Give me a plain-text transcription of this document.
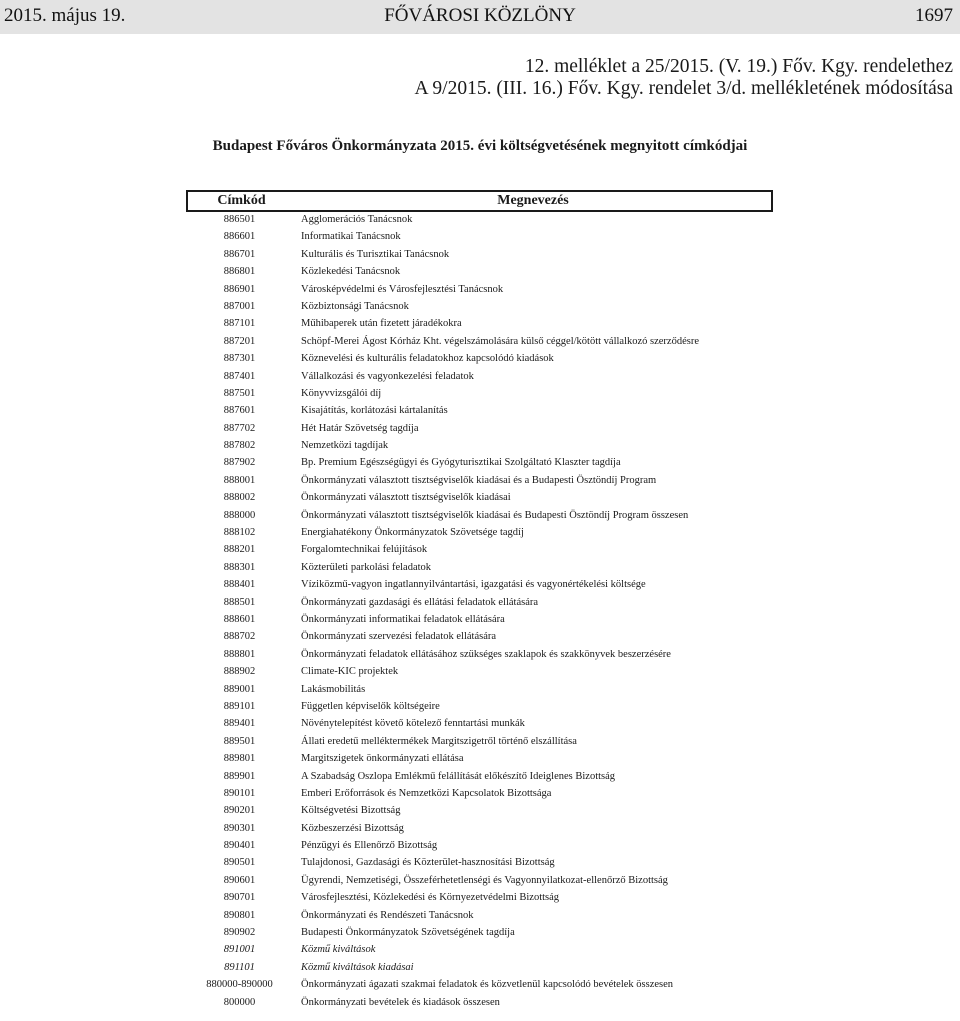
2015. május 19.	FŐVÁROSI KÖZLÖNY	1697
12. melléklet a 25/2015. (V. 19.) Főv. Kgy. rendelethez
A 9/2015. (III. 16.) Főv. Kgy. rendelet 3/d. mellékletének módosítása
Budapest Főváros Önkormányzata 2015. évi költségvetésének megnyitott címkódjai
Címkód	Megnevezés
886501	Agglomerációs Tanácsnok
886601	Informatikai Tanácsnok
886701	Kulturális és Turisztikai Tanácsnok
886801	Közlekedési Tanácsnok
886901	Városképvédelmi és Városfejlesztési Tanácsnok
887001	Közbiztonsági Tanácsnok
887101	Műhibaperek után fizetett járadékokra
887201	Schöpf-Merei Ágost Kórház Kht. végelszámolására külső céggel/kötött vállalkozó szerződésre
887301	Köznevelési és kulturális feladatokhoz kapcsolódó kiadások
887401	Vállalkozási és vagyonkezelési feladatok
887501	Könyvvizsgálói díj
887601	Kisajátítás, korlátozási kártalanítás
887702	Hét Határ Szövetség tagdíja
887802	Nemzetközi tagdíjak
887902	Bp. Premium Egészségügyi és Gyógyturisztikai Szolgáltató Klaszter tagdíja
888001	Önkormányzati választott tisztségviselők kiadásai és a Budapesti Ösztöndíj Program
888002	Önkormányzati választott tisztségviselők kiadásai
888000	Önkormányzati választott tisztségviselők kiadásai és Budapesti Ösztöndíj Program összesen
888102	Energiahatékony Önkormányzatok Szövetsége tagdíj
888201	Forgalomtechnikai felújítások
888301	Közterületi parkolási feladatok
888401	Víziközmű-vagyon ingatlannyilvántartási, igazgatási és vagyonértékelési költsége
888501	Önkormányzati gazdasági és ellátási feladatok ellátására
888601	Önkormányzati informatikai feladatok ellátására
888702	Önkormányzati szervezési feladatok ellátására
888801	Önkormányzati feladatok ellátásához szükséges szaklapok és szakkönyvek beszerzésére
888902	Climate-KIC projektek
889001	Lakásmobilitás
889101	Független képviselők költségeire
889401	Növénytelepítést követő kötelező fenntartási munkák
889501	Állati eredetű melléktermékek Margitszigetről történő elszállítása
889801	Margitszigetek önkormányzati ellátása
889901	A Szabadság Oszlopa Emlékmű felállítását előkészítő Ideiglenes Bizottság
890101	Emberi Erőforrások és Nemzetközi Kapcsolatok Bizottsága
890201	Költségvetési Bizottság
890301	Közbeszerzési Bizottság
890401	Pénzügyi és Ellenőrző Bizottság
890501	Tulajdonosi, Gazdasági és Közterület-hasznosítási Bizottság
890601	Ügyrendi, Nemzetiségi, Összeférhetetlenségi és Vagyonnyilatkozat-ellenőrző Bizottság
890701	Városfejlesztési, Közlekedési és Környezetvédelmi Bizottság
890801	Önkormányzati és Rendészeti Tanácsnok
890902	Budapesti Önkormányzatok Szövetségének tagdíja
891001	Közmű kiváltások
891101	Közmű kiváltások kiadásai
880000-890000	Önkormányzati ágazati szakmai feladatok és közvetlenül kapcsolódó bevételek összesen
800000	Önkormányzati bevételek és kiadások összesen
